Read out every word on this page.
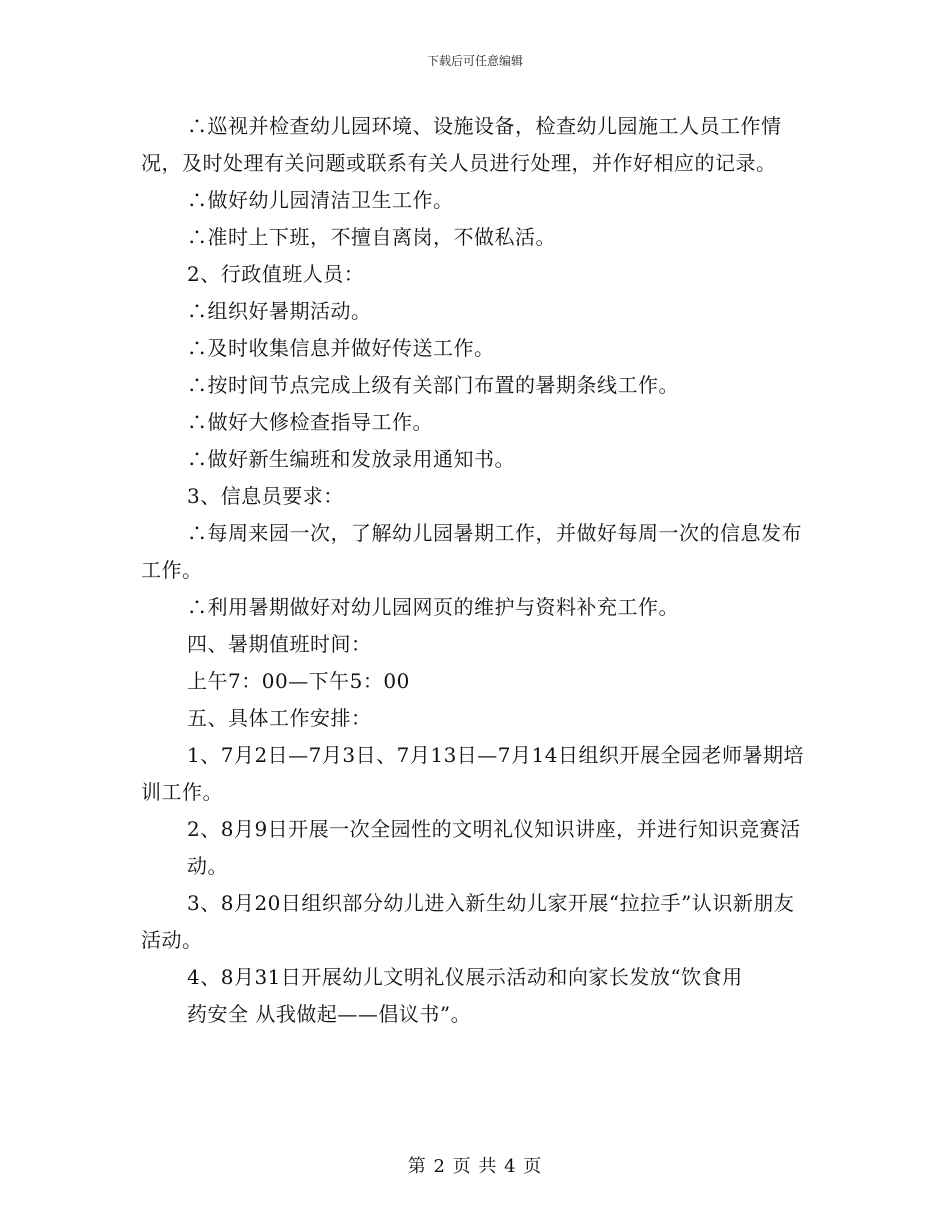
下载后可任意编辑

∴巡视并检查幼儿园环境、设施设备，检查幼儿园施工人员工作情况，及时处理有关问题或联系有关人员进行处理，并作好相应的记录。

∴做好幼儿园清洁卫生工作。

∴准时上下班，不擅自离岗，不做私活。

2、行政值班人员：

∴组织好暑期活动。

∴及时收集信息并做好传送工作。

∴按时间节点完成上级有关部门布置的暑期条线工作。

∴做好大修检查指导工作。

∴做好新生编班和发放录用通知书。

3、信息员要求：

∴每周来园一次，了解幼儿园暑期工作，并做好每周一次的信息发布工作。

∴利用暑期做好对幼儿园网页的维护与资料补充工作。

四、暑期值班时间：

上午7：00—下午5：00

五、具体工作安排：

1、7月2日—7月3日、7月13日—7月14日组织开展全园老师暑期培训工作。

2、8月9日开展一次全园性的文明礼仪知识讲座，并进行知识竞赛活

动。

3、8月20日组织部分幼儿进入新生幼儿家开展“拉拉手”认识新朋友活动。

4、8月31日开展幼儿文明礼仪展示活动和向家长发放“饮食用

药安全 从我做起——倡议书”。

第 2 页 共 4 页
